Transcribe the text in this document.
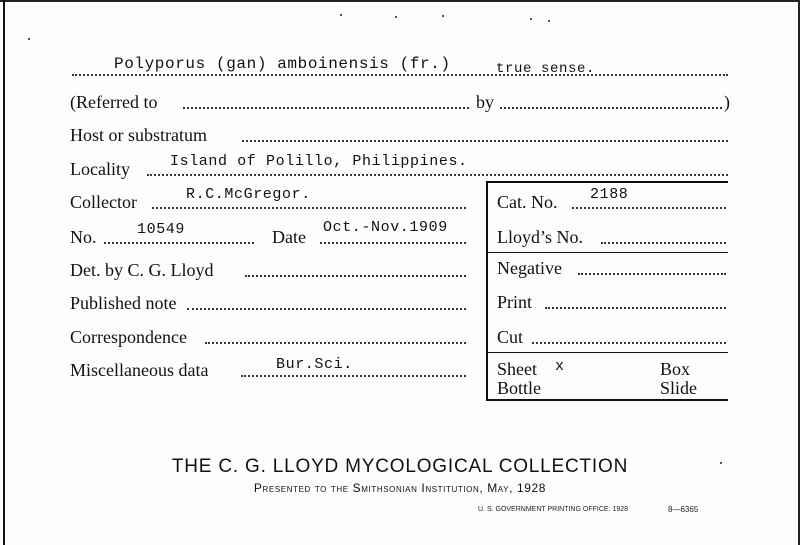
Polyporus (gan) amboinensis (fr.)	true sense.
(Referred to	by	)
Host or substratum
Locality	Island of Polillo, Philippines.
Collector	R.C.McGregor.	Cat. No. 2188
No.	10549	Date Oct.-Nov.1909	Lloyd’s No.
Det. by C. G. Lloyd	Negative
Published note	Print
Correspondence	Cut
Miscellaneous data	Bur.Sci.	Sheet x	Box
Bottle	Slide
THE C. G. LLOYD MYCOLOGICAL COLLECTION
Presented to the Smithsonian Institution, May, 1928
U. S. GOVERNMENT PRINTING OFFICE: 1928	8—6365
